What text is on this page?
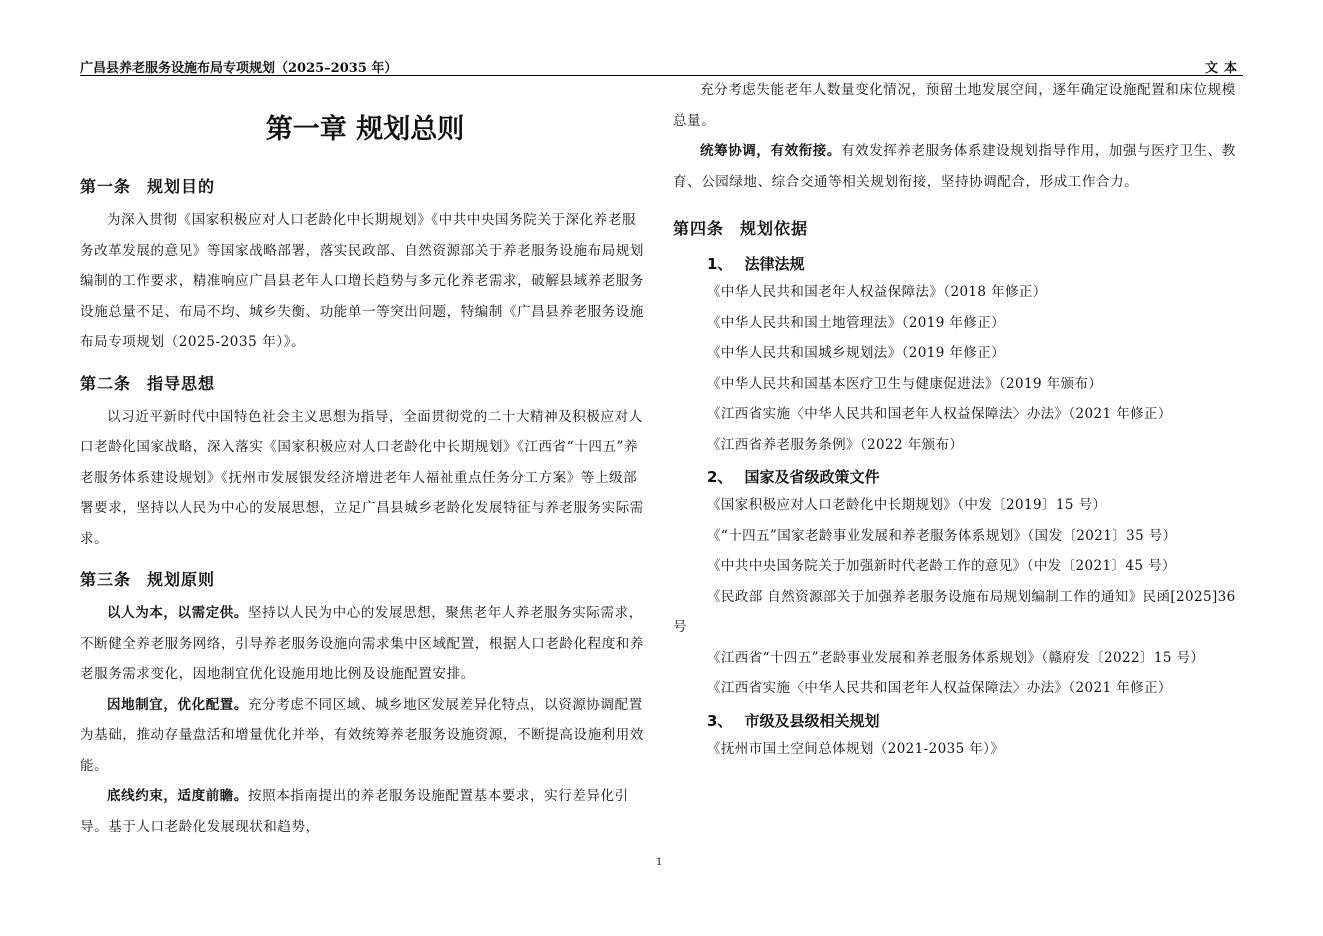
广昌县养老服务设施布局专项规划（2025–2035 年）	文本
第一章 规划总则
第一条 规划目的

为深入贯彻《国家积极应对人口老龄化中长期规划》《中共中央国务院关于深化养老服务改革发展的意见》等国家战略部署，落实民政部、自然资源部关于养老服务设施布局规划编制的工作要求，精准响应广昌县老年人口增长趋势与多元化养老需求，破解县域养老服务设施总量不足、布局不均、城乡失衡、功能单一等突出问题，特编制《广昌县养老服务设施布局专项规划（2025-2035 年）》。

第二条 指导思想

以习近平新时代中国特色社会主义思想为指导，全面贯彻党的二十大精神及积极应对人口老龄化国家战略，深入落实《国家积极应对人口老龄化中长期规划》《江西省“十四五”养老服务体系建设规划》《抚州市发展银发经济增进老年人福祉重点任务分工方案》等上级部署要求，坚持以人民为中心的发展思想，立足广昌县城乡老龄化发展特征与养老服务实际需求。

第三条 规划原则

以人为本，以需定供。坚持以人民为中心的发展思想，聚焦老年人养老服务实际需求，不断健全养老服务网络，引导养老服务设施向需求集中区域配置，根据人口老龄化程度和养老服务需求变化，因地制宜优化设施用地比例及设施配置安排。

因地制宜，优化配置。充分考虑不同区域、城乡地区发展差异化特点，以资源协调配置为基础，推动存量盘活和增量优化并举，有效统筹养老服务设施资源，不断提高设施利用效能。

底线约束，适度前瞻。按照本指南提出的养老服务设施配置基本要求，实行差异化引导。基于人口老龄化发展现状和趋势，

充分考虑失能老年人数量变化情况，预留土地发展空间，逐年确定设施配置和床位规模总量。

统筹协调，有效衔接。有效发挥养老服务体系建设规划指导作用，加强与医疗卫生、教育、公园绿地、综合交通等相关规划衔接，坚持协调配合，形成工作合力。

第四条 规划依据
1、 法律法规
《中华人民共和国老年人权益保障法》（2018 年修正）
《中华人民共和国土地管理法》（2019 年修正）
《中华人民共和国城乡规划法》（2019 年修正）
《中华人民共和国基本医疗卫生与健康促进法》（2019 年颁布）
《江西省实施〈中华人民共和国老年人权益保障法〉办法》（2021 年修正）
《江西省养老服务条例》（2022 年颁布）
2、 国家及省级政策文件
《国家积极应对人口老龄化中长期规划》（中发〔2019〕15 号）
《“十四五”国家老龄事业发展和养老服务体系规划》（国发〔2021〕35 号）
《中共中央国务院关于加强新时代老龄工作的意见》（中发〔2021〕45 号）

《民政部 自然资源部关于加强养老服务设施布局规划编制工作的通知》民函[2025]36 号

《江西省“十四五”老龄事业发展和养老服务体系规划》（赣府发〔2022〕15 号）

《江西省实施〈中华人民共和国老年人权益保障法〉办法》（2021 年修正）
3、 市级及县级相关规划
《抚州市国土空间总体规划（2021-2035 年）》
1
